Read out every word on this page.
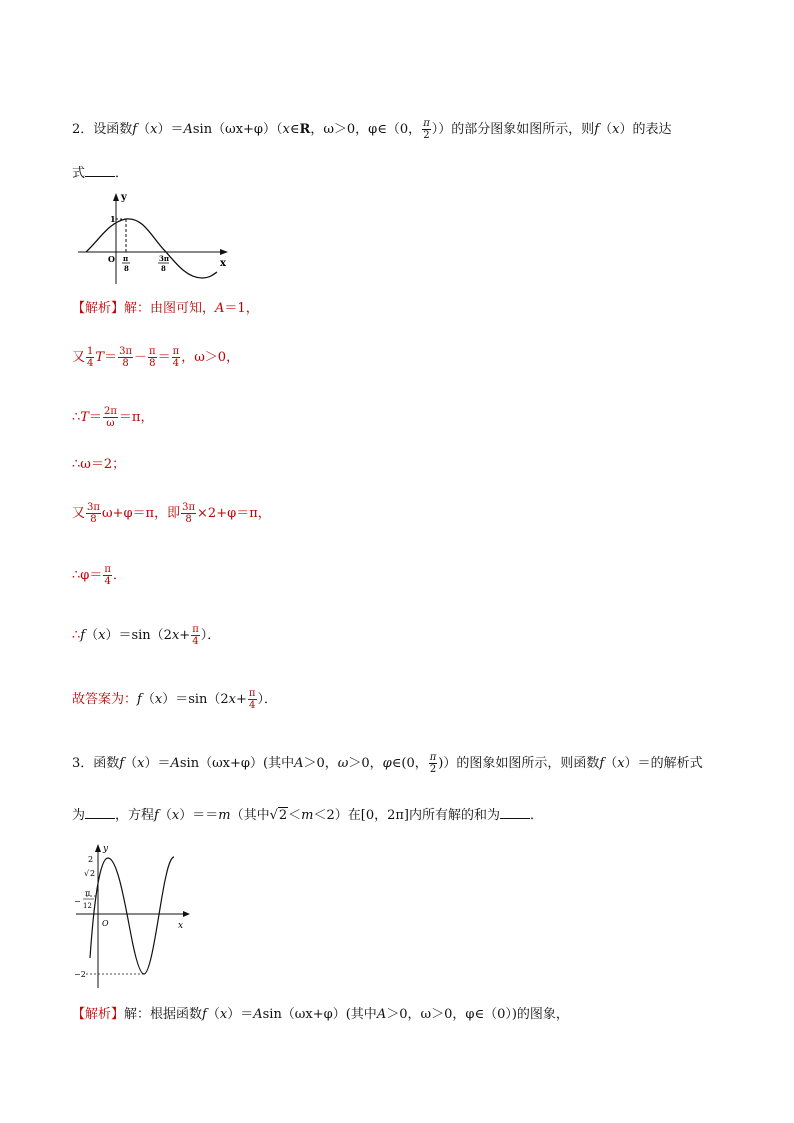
2．设函数f（x）＝Asin（ωx+φ）（x∈R，ω＞0，φ∈（0， $\frac{\pi}{2}$ ））的部分图象如图所示，则f（x）的表达
式 ．
y
x
O
1
π
8
3π
8
【解析】解：由图可知，A＝1，
又 $\frac{1}{4} T= \frac{3\pi}{8} - \frac{\pi}{8} = \frac{\pi}{4}$ ，ω＞0，
∴T＝ $\frac{2\pi}{\omega} =\pi$，
∴ω＝2；
又 $\frac{3\pi}{8} \omega+\varphi=\pi$，即 $\frac{3\pi}{8} \times 2+\varphi=\pi$，
∴φ＝ $\frac{\pi}{4}$ ．
∴f（x）＝sin（2x+ $\frac{\pi}{4}$ ）．
故答案为：$f(x)=\sin(2x+ \frac{\pi}{4}$ ）．
3．函数f（x）＝Asin（ωx+φ）(其中A＞0，ω＞0，φ∈(0， $\frac{\pi}{2}$ )）的图象如图所示，则函数f（x）＝的解析式
为 ，方程f（x）＝＝m（其中√2＜m＜2）在[0，2π]内所有解的和为 ．
y
x
O
2
√ 2
−
π
12
−2
【解析】解：根据函数f（x）＝Asin（ωx+φ）(其中A＞0，ω＞0，φ∈（0）)的图象，
